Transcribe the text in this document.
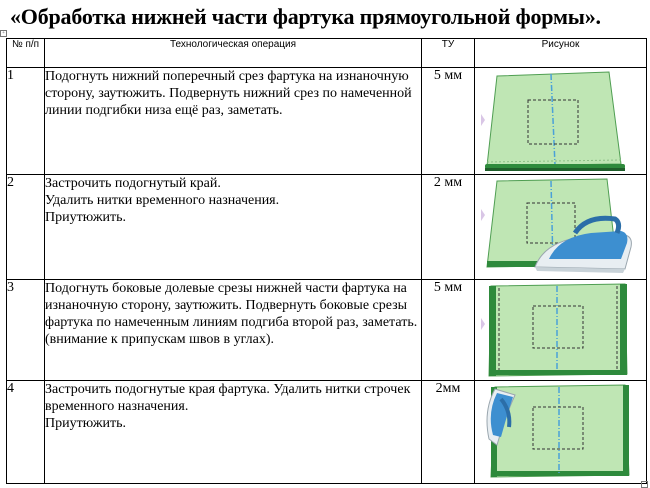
«Обработка нижней части фартука прямоугольной формы».
+
№ п/п	Технологическая операция	ТУ	Рисунок
1	Подогнуть нижний поперечный срез фартука на изнаночную сторону, заутюжить. Подвернуть нижний срез по намеченной линии подгибки низа ещё раз, заметать.	5 мм	

2	Застрочить подогнутый край.
Удалить нитки временного назначения.
Приутюжить.	2 мм	

3	Подогнуть боковые долевые срезы нижней части фартука на изнаночную сторону, заутюжить. Подвернуть боковые срезы фартука по намеченным линиям подгиба второй раз, заметать. (внимание к припускам швов в углах).	5 мм	

4	Застрочить подогнутые края фартука. Удалить нитки строчек временного назначения.
Приутюжить.	2мм	
